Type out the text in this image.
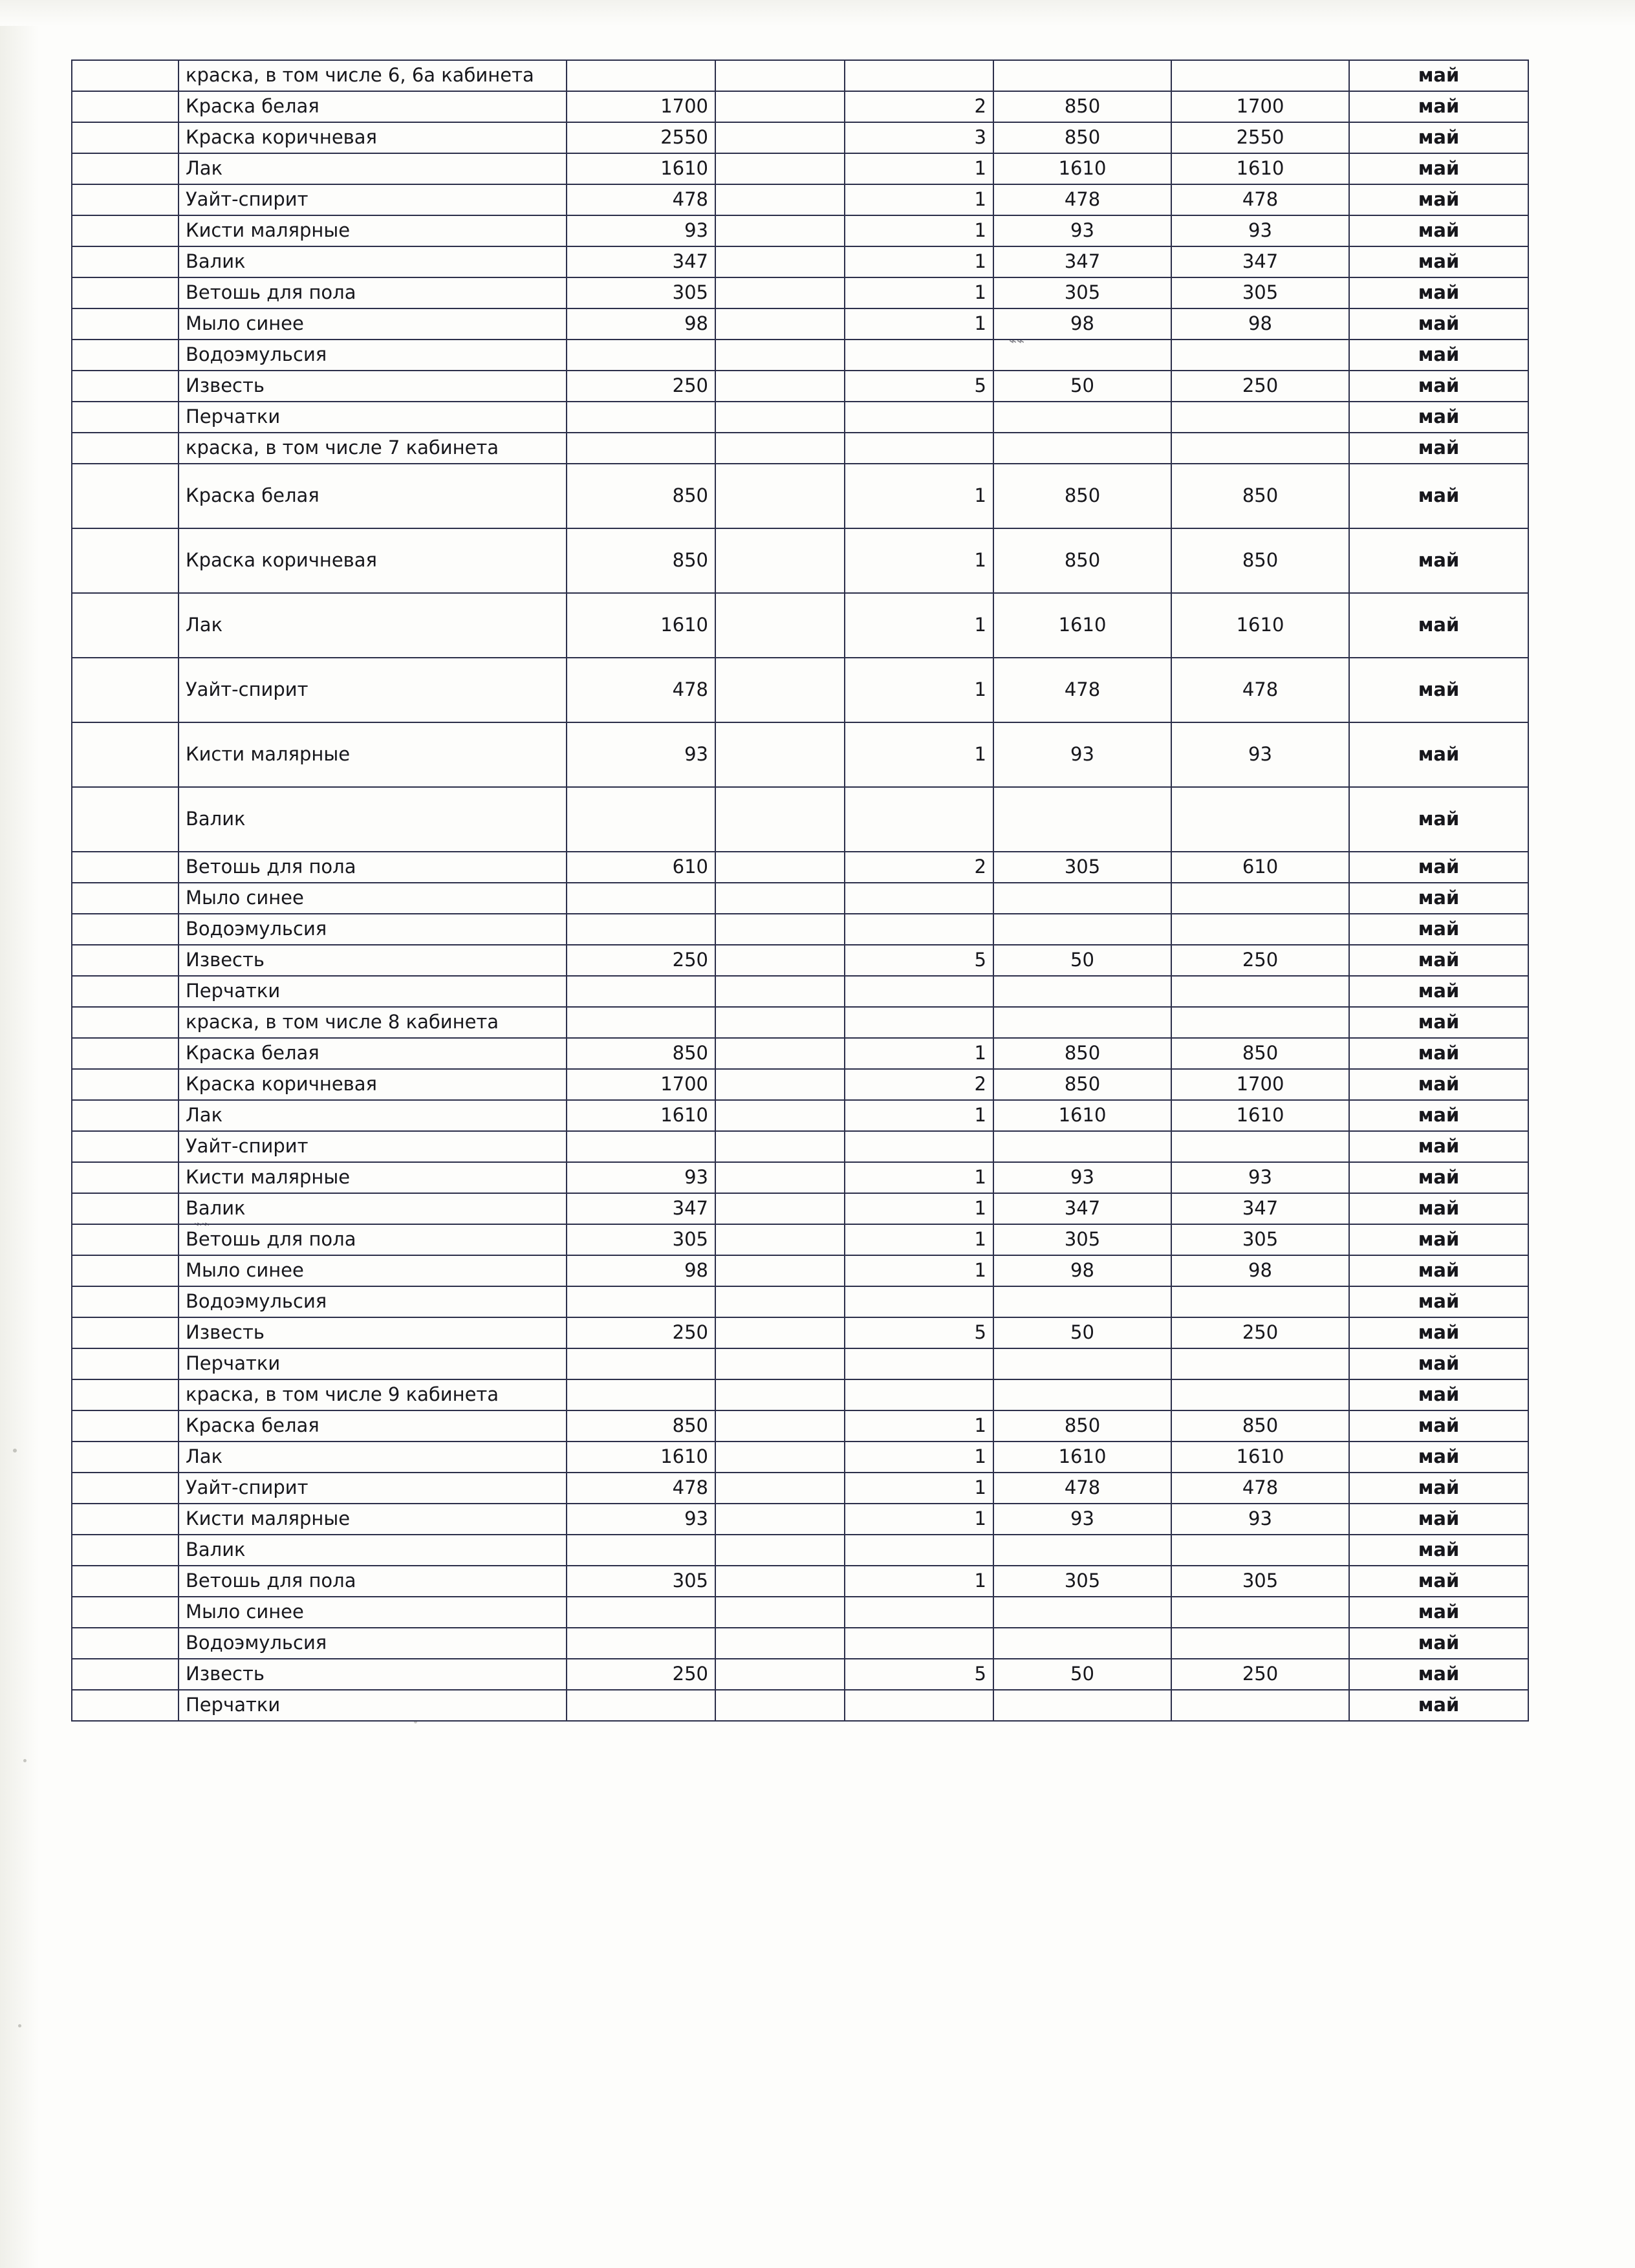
⌁⌁
⌁⌁
	краска, в том числе 6, 6а кабинета						май
	Краска белая	1700		2	850	1700	май
	Краска коричневая	2550		3	850	2550	май
	Лак	1610		1	1610	1610	май
	Уайт-спирит	478		1	478	478	май
	Кисти малярные	93		1	93	93	май
	Валик	347		1	347	347	май
	Ветошь для пола	305		1	305	305	май
	Мыло синее	98		1	98	98	май
	Водоэмульсия						май
	Известь	250		5	50	250	май
	Перчатки						май
	краска, в том числе 7 кабинета						май
	Краска белая	850		1	850	850	май
	Краска коричневая	850		1	850	850	май
	Лак	1610		1	1610	1610	май
	Уайт-спирит	478		1	478	478	май
	Кисти малярные	93		1	93	93	май
	Валик						май
	Ветошь для пола	610		2	305	610	май
	Мыло синее						май
	Водоэмульсия						май
	Известь	250		5	50	250	май
	Перчатки						май
	краска, в том числе 8 кабинета						май
	Краска белая	850		1	850	850	май
	Краска коричневая	1700		2	850	1700	май
	Лак	1610		1	1610	1610	май
	Уайт-спирит						май
	Кисти малярные	93		1	93	93	май
	Валик	347		1	347	347	май
	Ветошь для пола	305		1	305	305	май
	Мыло синее	98		1	98	98	май
	Водоэмульсия						май
	Известь	250		5	50	250	май
	Перчатки						май
	краска, в том числе 9 кабинета						май
	Краска белая	850		1	850	850	май
	Лак	1610		1	1610	1610	май
	Уайт-спирит	478		1	478	478	май
	Кисти малярные	93		1	93	93	май
	Валик						май
	Ветошь для пола	305		1	305	305	май
	Мыло синее						май
	Водоэмульсия						май
	Известь	250		5	50	250	май
	Перчатки						май
